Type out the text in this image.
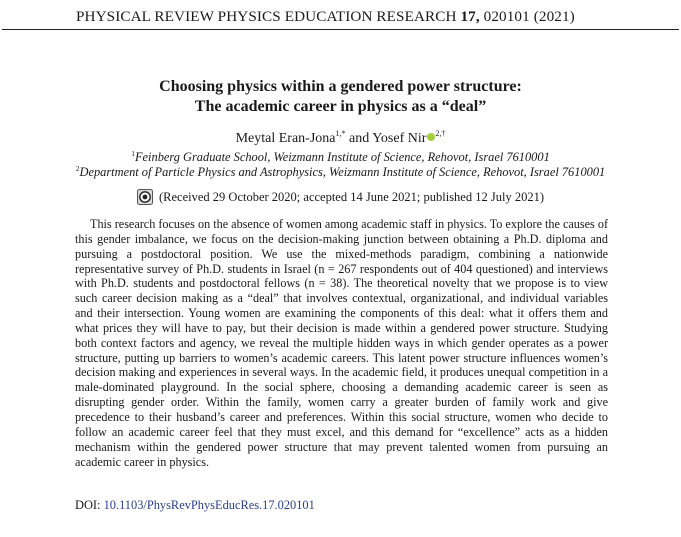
PHYSICAL REVIEW PHYSICS EDUCATION RESEARCH 17, 020101 (2021)
Choosing physics within a gendered power structure:
The academic career in physics as a “deal”
Meytal Eran-Jona$^{1,*}$ and Yosef Nir $^{2,\dagger}$
$^1$Feinberg Graduate School, Weizmann Institute of Science, Rehovot, Israel 7610001
$^2$Department of Particle Physics and Astrophysics, Weizmann Institute of Science, Rehovot, Israel 7610001
(Received 29 October 2020; accepted 14 June 2021; published 12 July 2021)

This research focuses on the absence of women among academic staff in physics. To explore the causes of this gender imbalance, we focus on the decision-making junction between obtaining a Ph.D. diploma and pursuing a postdoctoral position. We use the mixed-methods paradigm, combining a nationwide representative survey of Ph.D. students in Israel (n = 267 respondents out of 404 questioned) and interviews with Ph.D. students and postdoctoral fellows (n = 38). The theoretical novelty that we propose is to view such career decision making as a “deal” that involves contextual, organizational, and individual variables and their intersection. Young women are examining the components of this deal: what it offers them and what prices they will have to pay, but their decision is made within a gendered power structure. Studying both context factors and agency, we reveal the multiple hidden ways in which gender operates as a power structure, putting up barriers to women’s academic careers. This latent power structure influences women’s decision making and experiences in several ways. In the academic field, it produces unequal competition in a male-dominated playground. In the social sphere, choosing a demanding academic career is seen as disrupting gender order. Within the family, women carry a greater burden of family work and give precedence to their husband’s career and preferences. Within this social structure, women who decide to follow an academic career feel that they must excel, and this demand for “excellence” acts as a hidden mechanism within the gendered power structure that may prevent talented women from pursuing an academic career in physics.

DOI: 10.1103/PhysRevPhysEducRes.17.020101
